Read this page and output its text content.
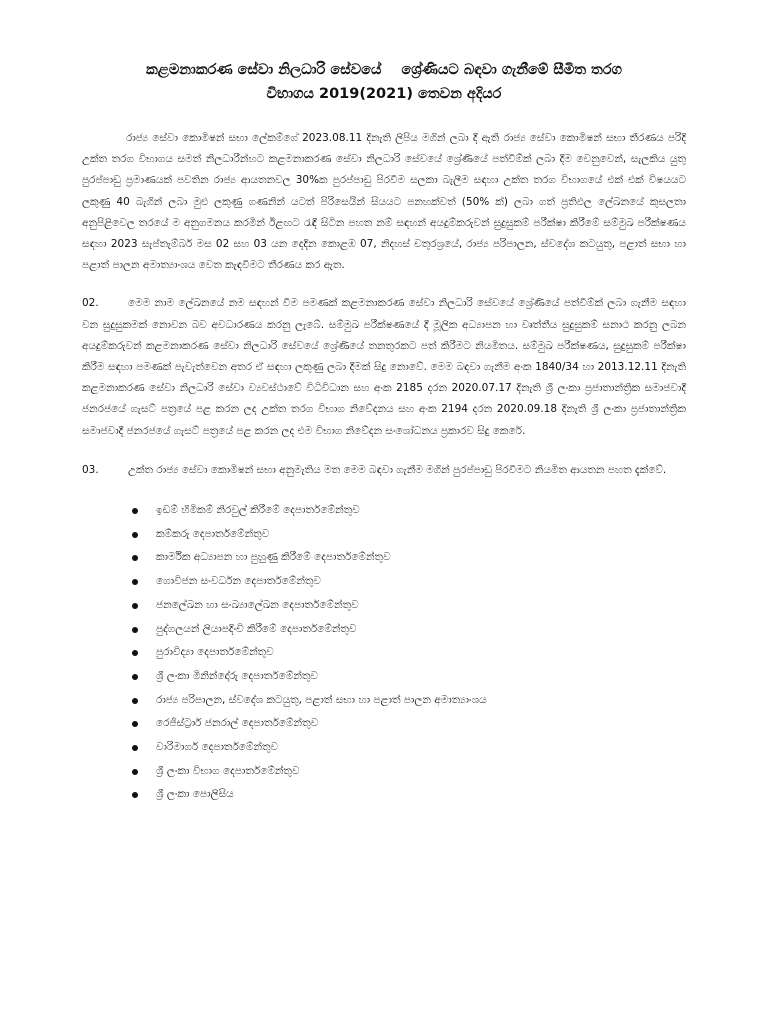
කළමනාකරණ සේවා නිලධාරි සේවයේ ශ්‍රේණියට බඳවා ගැනීමේ සීමිත තරග
විභාගය 2019(2021) තෙවන අදියර

රාජ්‍ය සේවා කොමිෂන් සභා ලේකම්ගේ 2023.08.11 දිනැති ලිපිය මගින් ලබා දී ඇති රාජ්‍ය සේවා කොමිෂන් සභා තීරණය පරිදි උක්ත තරග විභාගය සමත් නිලධාරීන්හට කළමනාකරණ සේවා නිලධාරි සේවයේ ශ්‍රේණියේ පත්වීම්ක් ලබා දීම වෙනුවෙන්, සැලකිය යුතු පුරප්පාඩු ප්‍රමාණයක් පවතින රාජ්‍ය ආයතනවල 30%ක පුරප්පාඩු පිරවීම සලකා බැලීම සඳහා උක්ත තරග විභාගයේ එක් එක් විෂයයට ලකුණු 40 බැගින් ලබා මුළු ලකුණු ගණනින් යටත් පිරිසෙයින් සියයට පනහක්වත් (50% ක්) ලබා ගත් ප්‍රතිඵල ලේඛනයේ කුසලතා අනුපිළිවෙල තරයේ ම අනුගමනය කරමින් ඊළඟට රැඳී සිටින පහත නම් සඳහන් අයදුම්කරුවන් සුදුසුකම් පරීක්ෂා කිරීමේ සම්මුඛ පරීක්ෂණය සඳහා 2023 සැප්තැම්බර් මස 02 සහ 03 යන දෙදින කොළඹ 07, නිදහස් චතුරශ්‍රයේ, රාජ්‍ය පරිපාලන, ස්වදේශ කටයුතු, පළාත් සභා හා පළාත් පාලන අමාත්‍යාංශය වෙත කැඳවීමට තීරණය කර ඇත.

02.	මෙම නාම ලේඛනයේ නම සඳහන් වීම පමණක් කළමනාකරණ සේවා නිලධාරි සේවයේ ශ්‍රේණියේ පත්වීම්ක් ලබා ගැනීම සඳහා වන සුදුසුකමක් නොවන බව අවධාරණය කරනු ලැබේ. සම්මුඛ පරීක්ෂණයේ දී මූලික අධ්‍යාපන හා වෘත්තීය සුදුසුකම් සනාථ කරනු ලබන අයදුම්කරුවන් කළමනාකරණ සේවා නිලධාරි සේවයේ ශ්‍රේණියේ තනතුරකට පත් කිරීමට නියමිතය. සම්මුඛ පරීක්ෂණය, සුදුසුකම් පරීක්ෂා කිරීම සඳහා පමණක් පැවැත්වෙන අතර ඒ සඳහා ලකුණු ලබා දීමක් සිදු නොවේ. මෙම බඳවා ගැනීම අංක 1840/34 හා 2013.12.11 දිනැති කළමනාකරණ සේවා නිලධාරි සේවා ව්‍යවස්ථාවේ විධිවිධාන සහ අංක 2185 දරන 2020.07.17 දිනැති ශ්‍රී ලංකා ප්‍රජාතාන්ත්‍රික සමාජවාදී ජනරජයේ ගැසට් පත්‍රයේ පළ කරන ලද උක්ත තරග විභාග නිවේදනය සහ අංක 2194 දරන 2020.09.18 දිනැති ශ්‍රී ලංකා ප්‍රජාතාන්ත්‍රික සමාජවාදී ජනරජයේ ගැසට් පත්‍රයේ පළ කරන ලද එම විභාග නිවේදන සංශෝධනය ප්‍රකාරව සිදු කෙරේ.

03.	උක්ත රාජ්‍ය සේවා කොමිෂන් සභා අනුමැතිය මත මෙම බඳවා ගැනීම මගින් පුරප්පාඩු පිරවීමට නියමිත ආයතන පහත දැක්වේ.

ඉඩම් හිමිකම් නිරවුල් කිරීමේ දෙපාර්තමේන්තුව
කම්කරු දෙපාර්තමේන්තුව
කාර්මික අධ්‍යාපන හා පුහුණු කිරීමේ දෙපාර්තමේන්තුව
ගොවිජන සංවර්ධන දෙපාර්තමේන්තුව
ජනලේඛන හා සංඛ්‍යාලේඛන දෙපාර්තමේන්තුව
පුද්ගලයන් ලියාපදිංචි කිරීමේ දෙපාර්තමේන්තුව
පුරාවිද්‍යා දෙපාර්තමේන්තුව
ශ්‍රී ලංකා මිනින්දෝරු දෙපාර්තමේන්තුව
රාජ්‍ය පරිපාලන, ස්වදේශ කටයුතු, පළාත් සභා හා පළාත් පාලන අමාත්‍යාංශය
රෙජිස්ට්‍රාර් ජනරාල් දෙපාර්තමේන්තුව
වාරිමාර්ග දෙපාර්තමේන්තුව
ශ්‍රී ලංකා විභාග දෙපාර්තමේන්තුව
ශ්‍රී ලංකා පොලිසිය
